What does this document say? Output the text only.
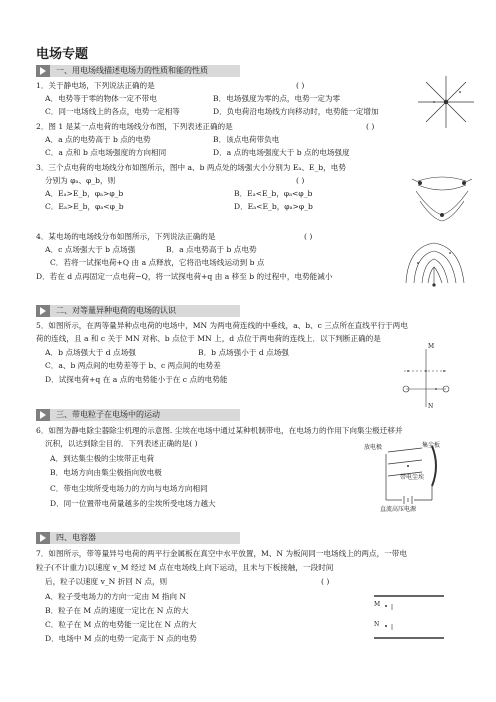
电场专题
一、用电场线描述电场力的性质和能的性质
1．关于静电场，下列说法正确的是	( )
A．电势等于零的物体一定不带电	B．电场强度为零的点，电势一定为零
C．同一电场线上的各点，电势一定相等	D．负电荷沿电场线方向移动时，电势能一定增加
2．图 1 是某一点电荷的电场线分布图，下列表述正确的是	( )
A．a 点的电势高于 b 点的电势	B．该点电荷带负电
C．a 点和 b 点电场强度的方向相同	D．a 点的电场强度大于 b 点的电场强度
3．三个点电荷的电场线分布如图所示，图中 a、b 两点处的场强大小分别为 Eₐ、E_b，电势
分别为 φₐ、φ_b，则	( )
A．Eₐ>E_b，φₐ>φ_b	B．Eₐ<E_b，φₐ<φ_b
C．Eₐ>E_b，φₐ<φ_b	D．Eₐ<E_b，φₐ>φ_b
4．某电场的电场线分布如图所示，下列说法正确的是	( )
A．c 点场强大于 b 点场强	B．a 点电势高于 b 点电势
C．若将一试探电荷+Q 由 a 点释放，它将沿电场线运动到 b 点
D．若在 d 点再固定一点电荷−Q，将一试探电荷+q 由 a 移至 b 的过程中，电势能减小
二、对等量异种电荷的电场的认识
5．如图所示，在两等量异种点电荷的电场中，MN 为两电荷连线的中垂线，a、b、c 三点所在直线平行于两电
荷的连线，且 a 和 c 关于 MN 对称、b 点位于 MN 上，d 点位于两电荷的连线上．以下判断正确的是
A．b 点场强大于 d 点场强	B．b 点场强小于 d 点场强
C．a、b 两点间的电势差等于 b、c 两点间的电势差
D．试探电荷+q 在 a 点的电势能小于在 c 点的电势能
M
N
三、带电粒子在电场中的运动
6．如图为静电除尘器除尘机理的示意图. 尘埃在电场中通过某种机制带电，在电场力的作用下向集尘极迁移并
沉积，以达到除尘目的．下列表述正确的是( )
A．到达集尘极的尘埃带正电荷
B．电场方向由集尘极指向放电极
C．带电尘埃所受电场力的方向与电场方向相同
D．同一位置带电荷量越多的尘埃所受电场力越大
放电极	集尘板
带电尘埃
直流高压电源
四、电容器
7．如图所示，带等量异号电荷的两平行金属板在真空中水平放置，M、N 为板间同一电场线上的两点，一带电
粒子(不计重力)以速度 v_M 经过 M 点在电场线上向下运动，且未与下板接触，一段时间
后，粒子以速度 v_N 折回 N 点，则	( )
A．粒子受电场力的方向一定由 M 指向 N
B．粒子在 M 点的速度一定比在 N 点的大
C．粒子在 M 点的电势能一定比在 N 点的大
D．电场中 M 点的电势一定高于 N 点的电势
M
N
